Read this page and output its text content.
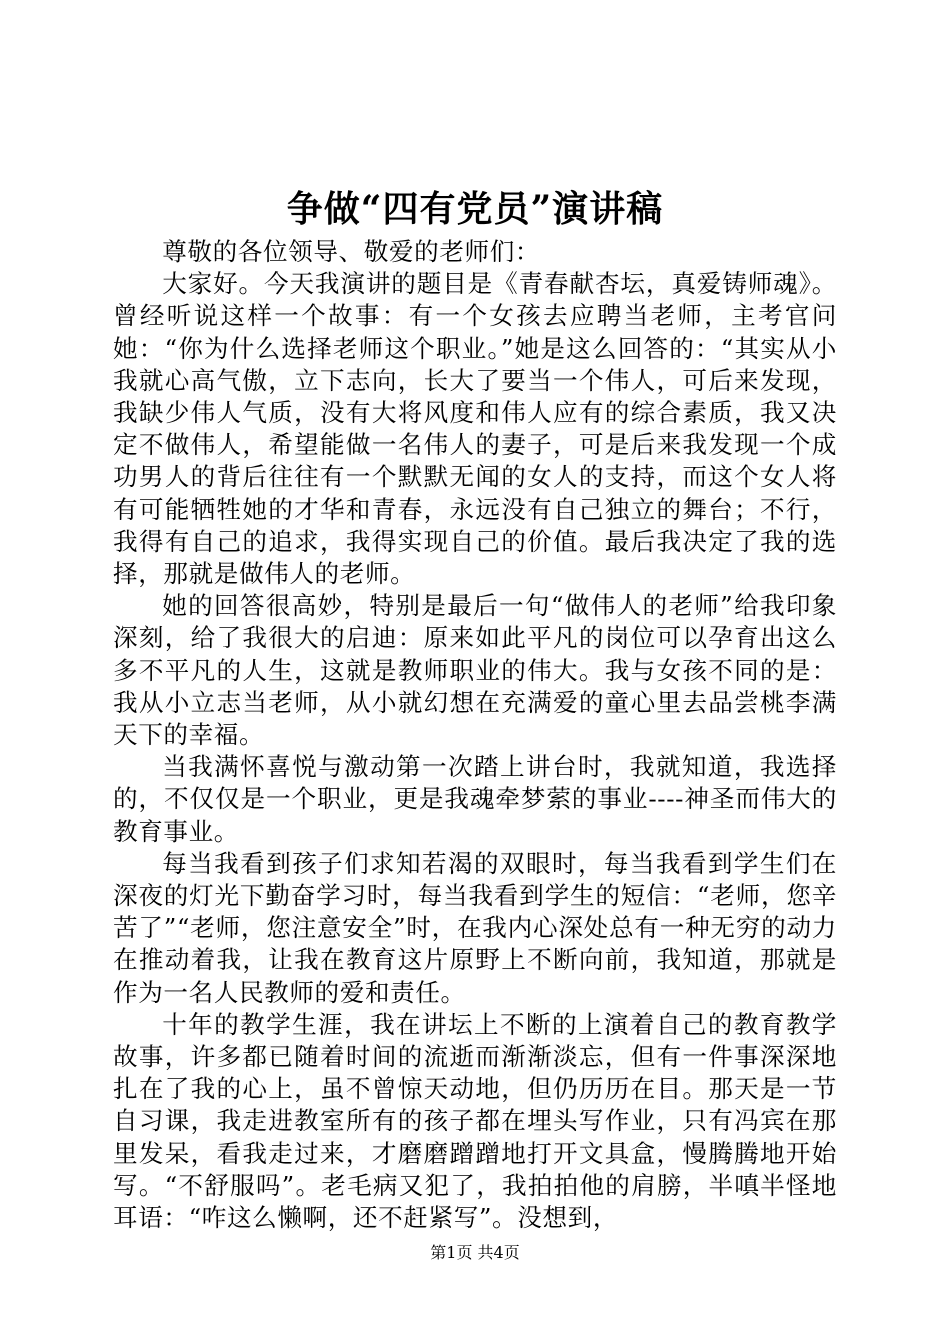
争做“四有党员”演讲稿

尊敬的各位领导、敬爱的老师们：

大家好。今天我演讲的题目是《青春献杏坛，真爱铸师魂》。曾经听说这样一个故事：有一个女孩去应聘当老师，主考官问她：“你为什么选择老师这个职业。”她是这么回答的：“其实从小我就心高气傲，立下志向，长大了要当一个伟人，可后来发现，我缺少伟人气质，没有大将风度和伟人应有的综合素质，我又决定不做伟人，希望能做一名伟人的妻子，可是后来我发现一个成功男人的背后往往有一个默默无闻的女人的支持，而这个女人将有可能牺牲她的才华和青春，永远没有自己独立的舞台；不行，我得有自己的追求，我得实现自己的价值。最后我决定了我的选择，那就是做伟人的老师。

她的回答很高妙，特别是最后一句“做伟人的老师”给我印象深刻，给了我很大的启迪：原来如此平凡的岗位可以孕育出这么多不平凡的人生，这就是教师职业的伟大。我与女孩不同的是：我从小立志当老师，从小就幻想在充满爱的童心里去品尝桃李满天下的幸福。

当我满怀喜悦与激动第一次踏上讲台时，我就知道，我选择的，不仅仅是一个职业，更是我魂牵梦萦的事业----神圣而伟大的教育事业。

每当我看到孩子们求知若渴的双眼时，每当我看到学生们在深夜的灯光下勤奋学习时，每当我看到学生的短信：“老师，您辛苦了”“老师，您注意安全”时，在我内心深处总有一种无穷的动力在推动着我，让我在教育这片原野上不断向前，我知道，那就是作为一名人民教师的爱和责任。

十年的教学生涯，我在讲坛上不断的上演着自己的教育教学故事，许多都已随着时间的流逝而渐渐淡忘，但有一件事深深地扎在了我的心上，虽不曾惊天动地，但仍历历在目。那天是一节自习课，我走进教室所有的孩子都在埋头写作业，只有冯宾在那里发呆，看我走过来，才磨磨蹭蹭地打开文具盒，慢腾腾地开始写。“不舒服吗”。老毛病又犯了，我拍拍他的肩膀，半嗔半怪地耳语：“咋这么懒啊，还不赶紧写”。没想到，

第1页 共4页
